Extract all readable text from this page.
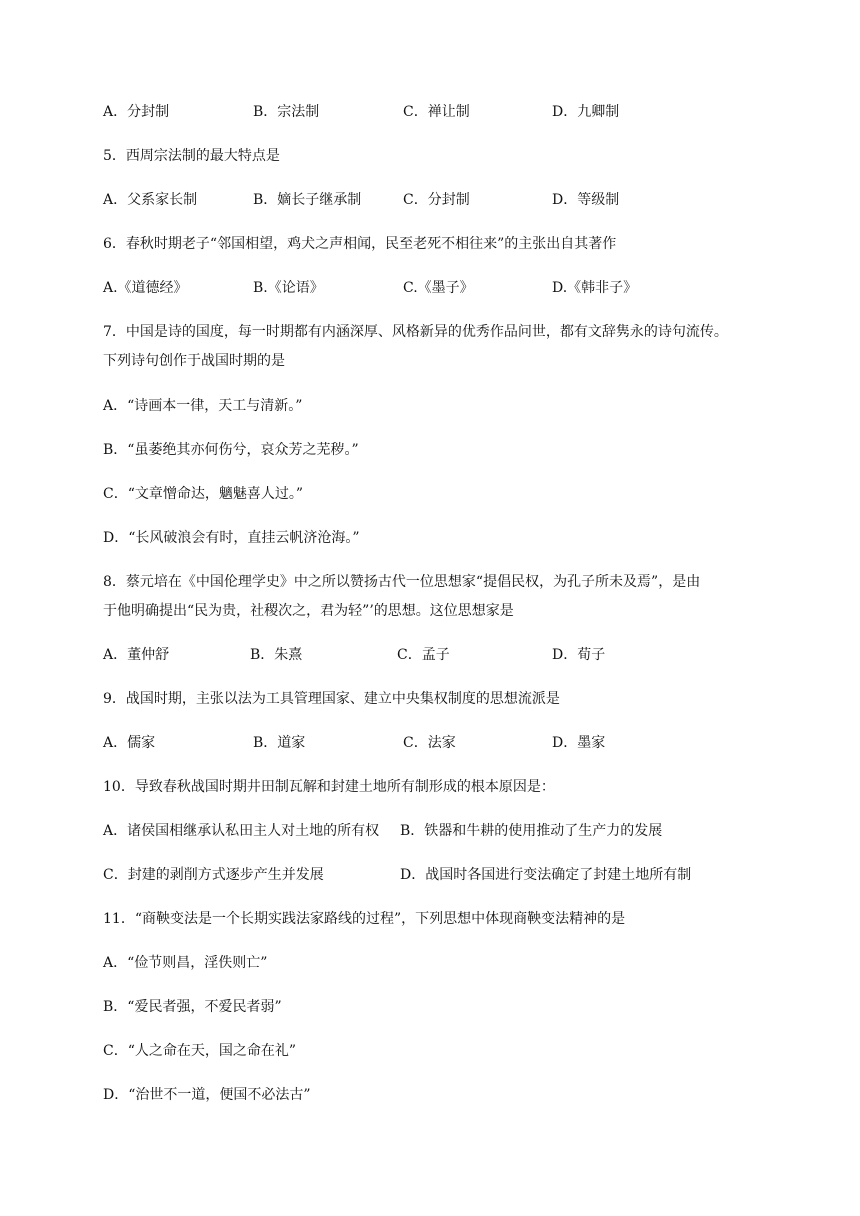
A．分封制	B．宗法制	C．禅让制	D．九卿制
5．西周宗法制的最大特点是
A．父系家长制	B．嫡长子继承制	C．分封制	D．等级制
6．春秋时期老子“邻国相望，鸡犬之声相闻，民至老死不相往来”的主张出自其著作
A.《道德经》	B.《论语》	C.《墨子》	D.《韩非子》
7．中国是诗的国度，每一时期都有内涵深厚、风格新异的优秀作品问世，都有文辞隽永的诗句流传。
下列诗句创作于战国时期的是
A．“诗画本一律，天工与清新。”
B．“虽萎绝其亦何伤兮，哀众芳之芜秽。”
C．“文章憎命达，魑魅喜人过。”
D．“长风破浪会有时，直挂云帆济沧海。”
8．蔡元培在《中国伦理学史》中之所以赞扬古代一位思想家“提倡民权，为孔子所未及焉”，是由
于他明确提出“民为贵，社稷次之，君为轻”’的思想。这位思想家是
A．董仲舒	B．朱熹	C．孟子	D．荀子
9．战国时期，主张以法为工具管理国家、建立中央集权制度的思想流派是
A．儒家	B．道家	C．法家	D．墨家
10．导致春秋战国时期井田制瓦解和封建土地所有制形成的根本原因是：
A．诸侯国相继承认私田主人对土地的所有权 B．铁器和牛耕的使用推动了生产力的发展
C．封建的剥削方式逐步产生并发展	D．战国时各国进行变法确定了封建土地所有制
11．“商鞅变法是一个长期实践法家路线的过程”，下列思想中体现商鞅变法精神的是
A．“俭节则昌，淫佚则亡”
B．“爱民者强，不爱民者弱”
C．“人之命在天，国之命在礼”
D．“治世不一道，便国不必法古”
